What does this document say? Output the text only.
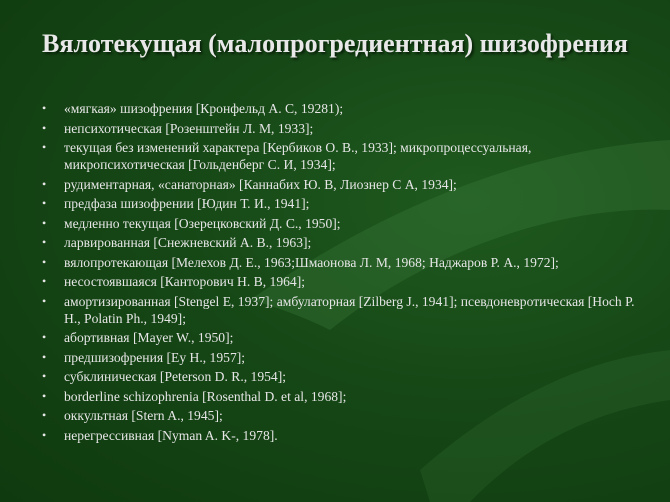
Вялотекущая (малопрогредиентная) шизофрения
• «мягкая» шизофрения [Кронфельд А. С, 19281);
• непсихотическая [Розенштейн Л. М, 1933];
• текущая без изменений характера [Кербиков О. В., 1933]; микропроцессуальная, микропсихотическая [Гольденберг С. И, 1934];
• рудиментарная, «санаторная» [Каннабих Ю. В, Лиознер С А, 1934];
• предфаза шизофрении [Юдин Т. И., 1941];
• медленно текущая [Озерецковский Д. С., 1950];
• ларвированная [Снежневский А. В., 1963];
• вялопротекающая [Мелехов Д. Е., 1963;Шмаонова Л. М, 1968; Наджаров Р. А., 1972];
• несостоявшаяся [Канторович Н. В, 1964];
• амортизированная [Stengel E, 1937]; амбулаторная [Zilberg J., 1941]; псевдоневротическая [Hoch P. H., Polatin Ph., 1949];
• абортивная [Mayer W., 1950];
• предшизофрения [Ey H., 1957];
• субклиническая [Peterson D. R., 1954];
• borderline schizophrenia [Rosenthal D. et al, 1968];
• оккультная [Stern A., 1945];
• нерегрессивная [Nyman A. K-, 1978].
